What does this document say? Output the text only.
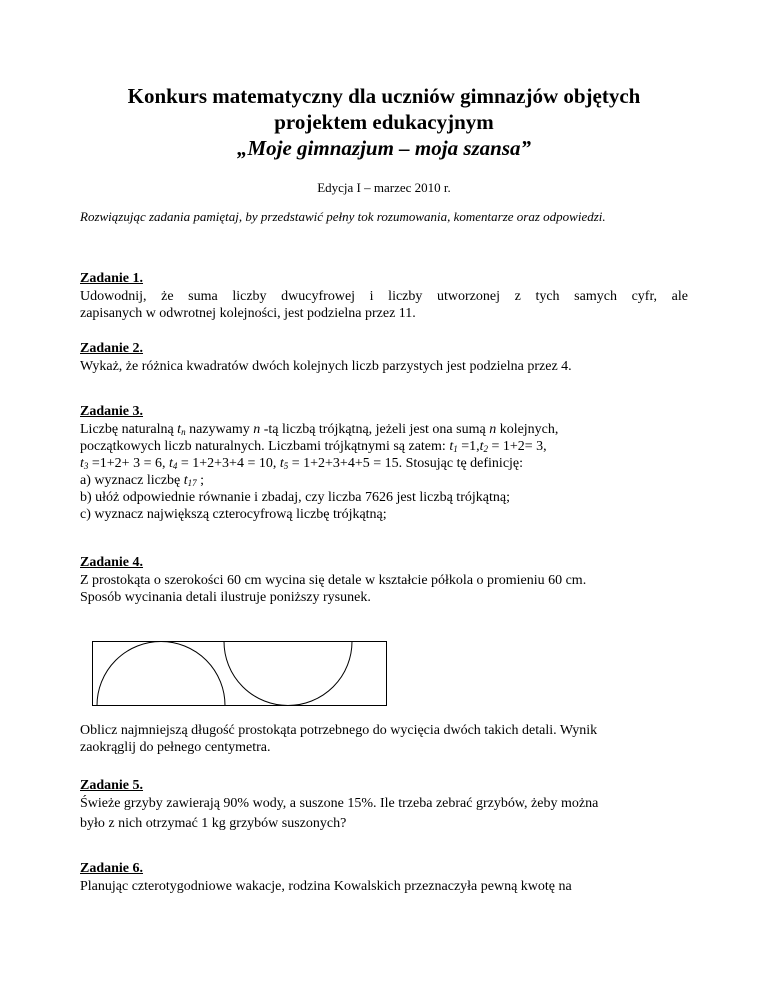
Konkurs matematyczny dla uczniów gimnazjów objętych
projektem edukacyjnym
„Moje gimnazjum – moja szansa”
Edycja I – marzec 2010 r.
Rozwiązując zadania pamiętaj, by przedstawić pełny tok rozumowania, komentarze oraz odpowiedzi.
Zadanie 1.
Udowodnij, że suma liczby dwucyfrowej i liczby utworzonej z tych samych cyfr, ale
zapisanych w odwrotnej kolejności, jest podzielna przez 11.
Zadanie 2.
Wykaż, że różnica kwadratów dwóch kolejnych liczb parzystych jest podzielna przez 4.
Zadanie 3.
Liczbę naturalną $t_n$ nazywamy n -tą liczbą trójkątną, jeżeli jest ona sumą n kolejnych,
początkowych liczb naturalnych. Liczbami trójkątnymi są zatem: $t_1 =1,t_2 = 1+2= 3$,
$t_3 =1+2+ 3 = 6$, $t_4 = 1+2+3+4 = 10$, $t_5 = 1+2+3+4+5 = 15$. Stosując tę definicję:
a) wyznacz liczbę $t_{17}$ ;
b) ułóż odpowiednie równanie i zbadaj, czy liczba 7626 jest liczbą trójkątną;
c) wyznacz największą czterocyfrową liczbę trójkątną;
Zadanie 4.
Z prostokąta o szerokości 60 cm wycina się detale w kształcie półkola o promieniu 60 cm.
Sposób wycinania detali ilustruje poniższy rysunek.
Oblicz najmniejszą długość prostokąta potrzebnego do wycięcia dwóch takich detali. Wynik
zaokrąglij do pełnego centymetra.
Zadanie 5.
Świeże grzyby zawierają 90% wody, a suszone 15%. Ile trzeba zebrać grzybów, żeby można
było z nich otrzymać 1 kg grzybów suszonych?
Zadanie 6.
Planując czterotygodniowe wakacje, rodzina Kowalskich przeznaczyła pewną kwotę na
